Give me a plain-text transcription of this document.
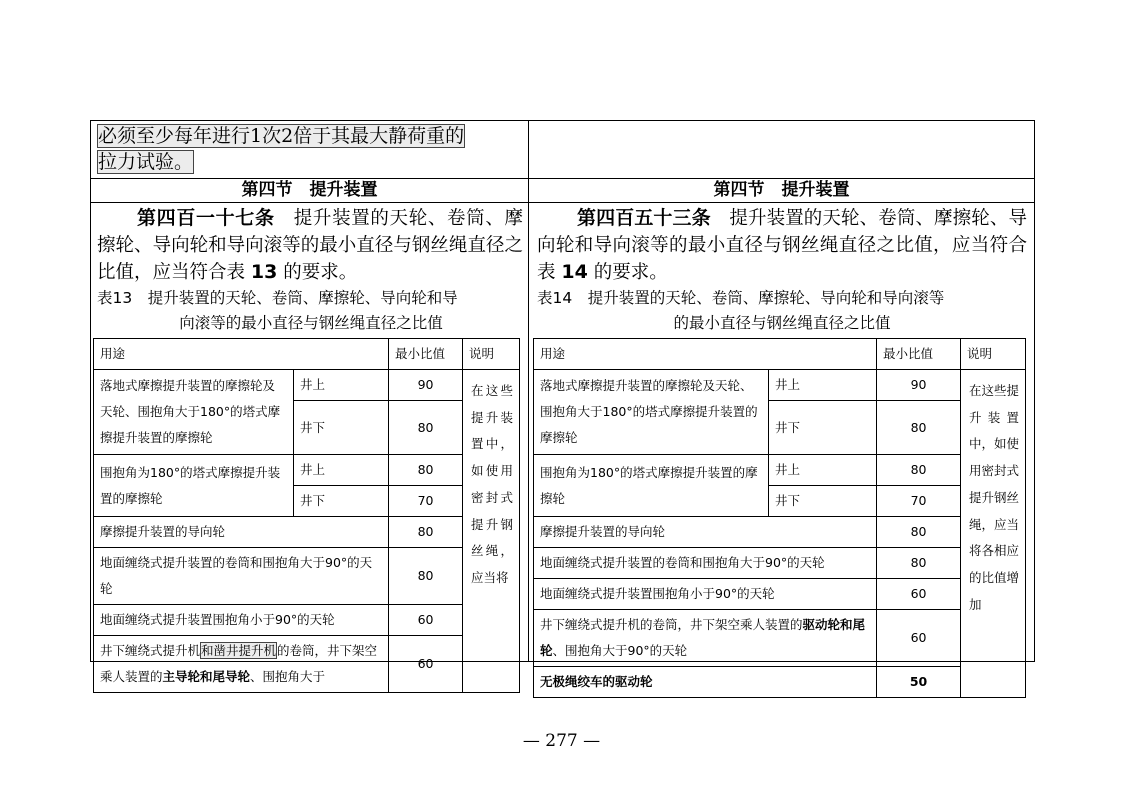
必须至少每年进行1次2倍于其最大静荷重的
拉力试验。
第四节　提升装置	第四节　提升装置
第四百一十七条　提升装置的天轮、卷筒、摩擦轮、导向轮和导向滚等的最小直径与钢丝绳直径之比值，应当符合表 13 的要求。
表13　提升装置的天轮、卷筒、摩擦轮、导向轮和导
向滚等的最小直径与钢丝绳直径之比值
第四百五十三条　提升装置的天轮、卷筒、摩擦轮、导向轮和导向滚等的最小直径与钢丝绳直径之比值，应当符合表 14 的要求。
表14　提升装置的天轮、卷筒、摩擦轮、导向轮和导向滚等
的最小直径与钢丝绳直径之比值
用途		最小比值	说明
落地式摩擦提升装置的摩擦轮及天轮、围抱角大于180°的塔式摩擦提升装置的摩擦轮	井上	90	在这些提升装置中，如使用密封式提升钢丝绳，应当将
	井下	80	
围抱角为180°的塔式摩擦提升装置的摩擦轮	井上	80	
	井下	70	
摩擦提升装置的导向轮		80	
地面缠绕式提升装置的卷筒和围抱角大于90°的天轮		80	
地面缠绕式提升装置围抱角小于90°的天轮		60	
井下缠绕式提升机和凿井提升机的卷筒，井下架空乘人装置的主导轮和尾导轮、围抱角大于		60	
用途		最小比值	说明
落地式摩擦提升装置的摩擦轮及天轮、围抱角大于180°的塔式摩擦提升装置的摩擦轮	井上	90	在这些提升装置中，如使用密封式提升钢丝绳，应当将各相应的比值增　加
	井下	80	
围抱角为180°的塔式摩擦提升装置的摩擦轮	井上	80	
	井下	70	
摩擦提升装置的导向轮		80	
地面缠绕式提升装置的卷筒和围抱角大于90°的天轮		80	
地面缠绕式提升装置围抱角小于90°的天轮		60	
井下缠绕式提升机的卷筒，井下架空乘人装置的驱动轮和尾轮、围抱角大于90°的天轮		60	
无极绳绞车的驱动轮		50	
— 277 —
